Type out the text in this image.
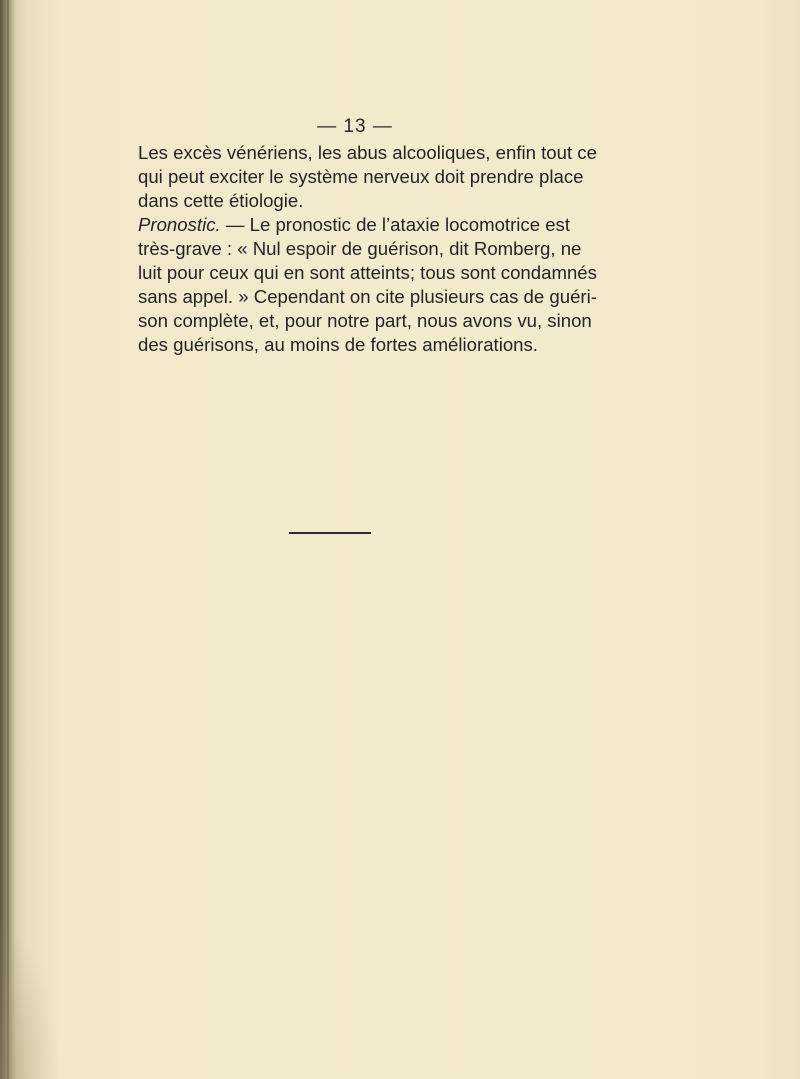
— 13 —
Les excès vénériens, les abus alcooliques, enfin tout ce
qui peut exciter le système nerveux doit prendre place
dans cette étiologie.
Pronostic. — Le pronostic de l’ataxie locomotrice est
très-grave : « Nul espoir de guérison, dit Romberg, ne
luit pour ceux qui en sont atteints; tous sont condamnés
sans appel. » Cependant on cite plusieurs cas de guéri-
son complète, et, pour notre part, nous avons vu, sinon
des guérisons, au moins de fortes améliorations.
